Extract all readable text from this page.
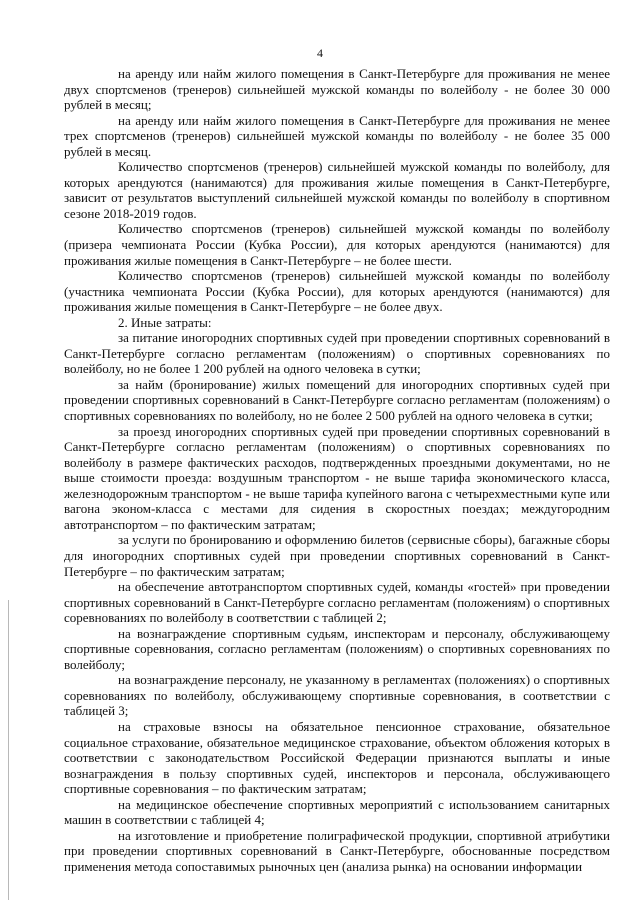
4

на аренду или найм жилого помещения в Санкт-Петербурге для проживания не менее двух спортсменов (тренеров) сильнейшей мужской команды по волейболу - не более 30 000 рублей в месяц;

на аренду или найм жилого помещения в Санкт-Петербурге для проживания не менее трех спортсменов (тренеров) сильнейшей мужской команды по волейболу - не более 35 000 рублей в месяц.

Количество спортсменов (тренеров) сильнейшей мужской команды по волейболу, для которых арендуются (нанимаются) для проживания жилые помещения в Санкт-Петербурге, зависит от результатов выступлений сильнейшей мужской команды по волейболу в спортивном сезоне 2018-2019 годов.

Количество спортсменов (тренеров) сильнейшей мужской команды по волейболу (призера чемпионата России (Кубка России), для которых арендуются (нанимаются) для проживания жилые помещения в Санкт-Петербурге – не более шести.

Количество спортсменов (тренеров) сильнейшей мужской команды по волейболу (участника чемпионата России (Кубка России), для которых арендуются (нанимаются) для проживания жилые помещения в Санкт-Петербурге – не более двух.

2. Иные затраты:

за питание иногородних спортивных судей при проведении спортивных соревнований в Санкт-Петербурге согласно регламентам (положениям) о спортивных соревнованиях по волейболу, но не более 1 200 рублей на одного человека в сутки;

за найм (бронирование) жилых помещений для иногородних спортивных судей при проведении спортивных соревнований в Санкт-Петербурге согласно регламентам (положениям) о спортивных соревнованиях по волейболу, но не более 2 500 рублей на одного человека в сутки;

за проезд иногородних спортивных судей при проведении спортивных соревнований в Санкт-Петербурге согласно регламентам (положениям) о спортивных соревнованиях по волейболу в размере фактических расходов, подтвержденных проездными документами, но не выше стоимости проезда: воздушным транспортом - не выше тарифа экономического класса, железнодорожным транспортом - не выше тарифа купейного вагона с четырехместными купе или вагона эконом-класса с местами для сидения в скоростных поездах; междугородним автотранспортом – по фактическим затратам;

за услуги по бронированию и оформлению билетов (сервисные сборы), багажные сборы для иногородних спортивных судей при проведении спортивных соревнований в Санкт-Петербурге – по фактическим затратам;

на обеспечение автотранспортом спортивных судей, команды «гостей» при проведении спортивных соревнований в Санкт-Петербурге согласно регламентам (положениям) о спортивных соревнованиях по волейболу в соответствии с таблицей 2;

на вознаграждение спортивным судьям, инспекторам и персоналу, обслуживающему спортивные соревнования, согласно регламентам (положениям) о спортивных соревнованиях по волейболу;

на вознаграждение персоналу, не указанному в регламентах (положениях) о спортивных соревнованиях по волейболу, обслуживающему спортивные соревнования, в соответствии с таблицей 3;

на страховые взносы на обязательное пенсионное страхование, обязательное социальное страхование, обязательное медицинское страхование, объектом обложения которых в соответствии с законодательством Российской Федерации признаются выплаты и иные вознаграждения в пользу спортивных судей, инспекторов и персонала, обслуживающего спортивные соревнования – по фактическим затратам;

на медицинское обеспечение спортивных мероприятий с использованием санитарных машин в соответствии с таблицей 4;

на изготовление и приобретение полиграфической продукции, спортивной атрибутики при проведении спортивных соревнований в Санкт-Петербурге, обоснованные посредством применения метода сопоставимых рыночных цен (анализа рынка) на основании информации
